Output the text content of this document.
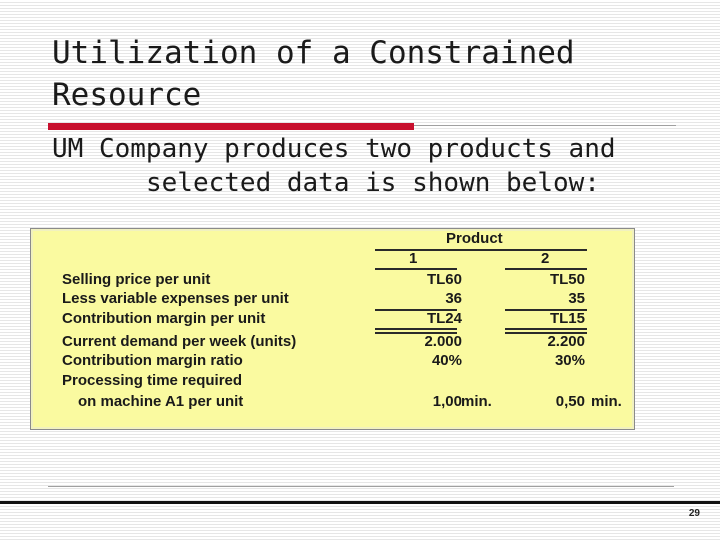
Utilization of a Constrained Resource
UM Company produces two products and
selected data is shown below:
Product
1	2
Selling price per unit	TL60	TL50
Less variable expenses per unit	36	35
Contribution margin per unit	TL24	TL15
Current demand per week (units)	2.000	2.200
Contribution margin ratio	40%	30%
Processing time required
on machine A1 per unit	1,00 min.	0,50 min.
29
